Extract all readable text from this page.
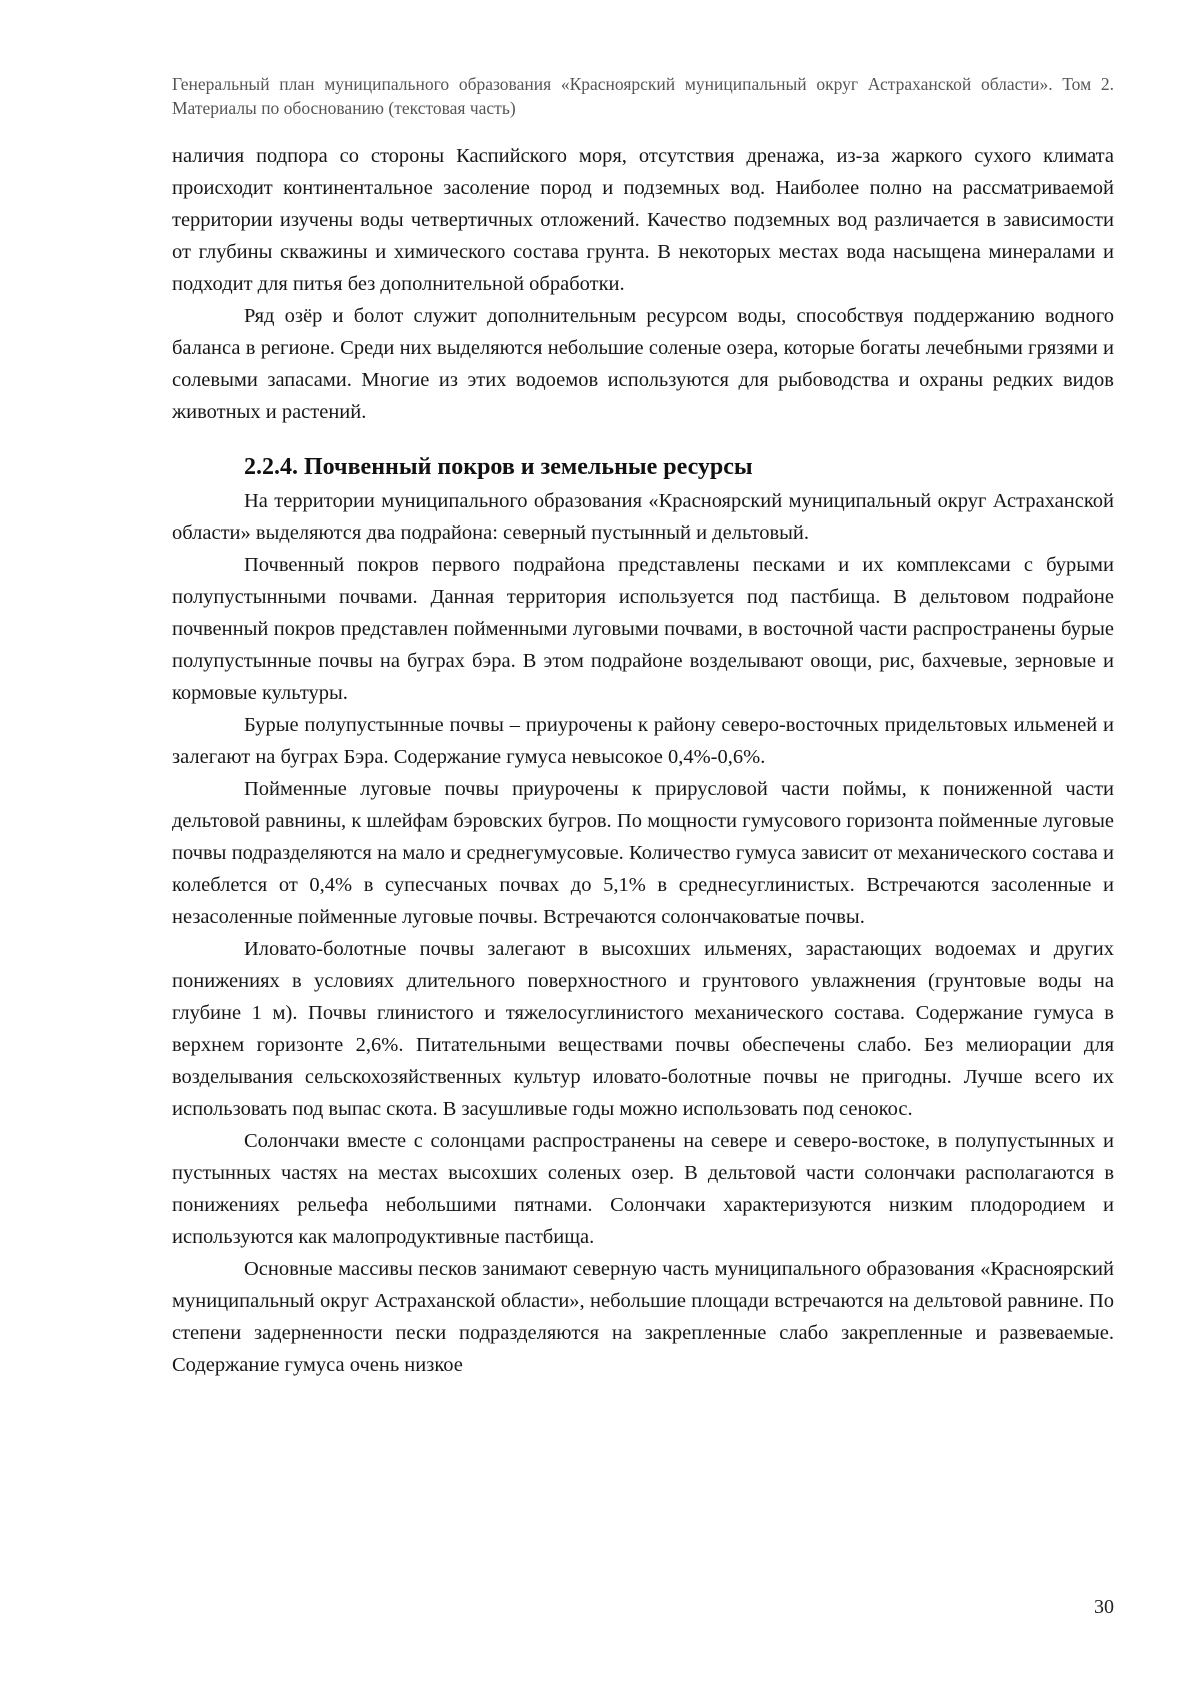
Генеральный план муниципального образования «Красноярский муниципальный округ Астраханской области». Том 2. Материалы по обоснованию (текстовая часть)

наличия подпора со стороны Каспийского моря, отсутствия дренажа, из-за жаркого сухого климата происходит континентальное засоление пород и подземных вод. Наиболее полно на рассматриваемой территории изучены воды четвертичных отложений. Качество подземных вод различается в зависимости от глубины скважины и химического состава грунта. В некоторых местах вода насыщена минералами и подходит для питья без дополнительной обработки.

Ряд озёр и болот служит дополнительным ресурсом воды, способствуя поддержанию водного баланса в регионе. Среди них выделяются небольшие соленые озера, которые богаты лечебными грязями и солевыми запасами. Многие из этих водоемов используются для рыбоводства и охраны редких видов животных и растений.

2.2.4. Почвенный покров и земельные ресурсы

На территории муниципального образования «Красноярский муниципальный округ Астраханской области» выделяются два подрайона: северный пустынный и дельтовый.

Почвенный покров первого подрайона представлены песками и их комплексами с бурыми полупустынными почвами. Данная территория используется под пастбища. В дельтовом подрайоне почвенный покров представлен пойменными луговыми почвами, в восточной части распространены бурые полупустынные почвы на буграх бэра. В этом подрайоне возделывают овощи, рис, бахчевые, зерновые и кормовые культуры.

Бурые полупустынные почвы – приурочены к району северо-восточных придельтовых ильменей и залегают на буграх Бэра. Содержание гумуса невысокое 0,4%-0,6%.

Пойменные луговые почвы приурочены к прирусловой части поймы, к пониженной части дельтовой равнины, к шлейфам бэровских бугров. По мощности гумусового горизонта пойменные луговые почвы подразделяются на мало и среднегумусовые. Количество гумуса зависит от механического состава и колеблется от 0,4% в супесчаных почвах до 5,1% в среднесуглинистых. Встречаются засоленные и незасоленные пойменные луговые почвы. Встречаются солончаковатые почвы.

Иловато-болотные почвы залегают в высохших ильменях, зарастающих водоемах и других понижениях в условиях длительного поверхностного и грунтового увлажнения (грунтовые воды на глубине 1 м). Почвы глинистого и тяжелосуглинистого механического состава. Содержание гумуса в верхнем горизонте 2,6%. Питательными веществами почвы обеспечены слабо. Без мелиорации для возделывания сельскохозяйственных культур иловато-болотные почвы не пригодны. Лучше всего их использовать под выпас скота. В засушливые годы можно использовать под сенокос.

Солончаки вместе с солонцами распространены на севере и северо-востоке, в полупустынных и пустынных частях на местах высохших соленых озер. В дельтовой части солончаки располагаются в понижениях рельефа небольшими пятнами. Солончаки характеризуются низким плодородием и используются как малопродуктивные пастбища.

Основные массивы песков занимают северную часть муниципального образования «Красноярский муниципальный округ Астраханской области», небольшие площади встречаются на дельтовой равнине. По степени задерненности пески подразделяются на закрепленные слабо закрепленные и развеваемые. Содержание гумуса очень низкое

30
